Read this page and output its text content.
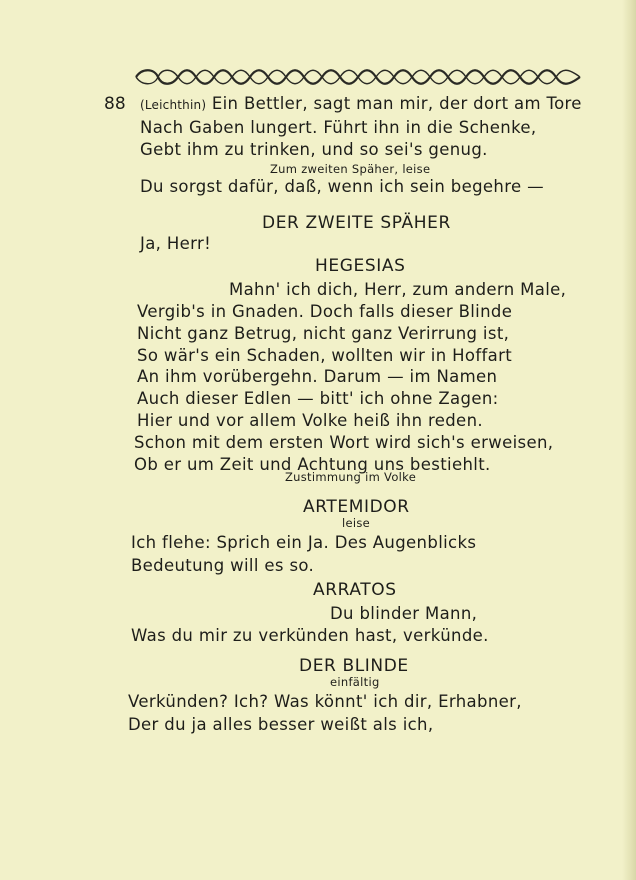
88 (Leichthin) Ein Bettler, sagt man mir, der dort am Tore
Nach Gaben lungert. Führt ihn in die Schenke,
Gebt ihm zu trinken, und so sei's genug.
Zum zweiten Späher, leise
Du sorgst dafür, daß, wenn ich sein begehre —
DER ZWEITE SPÄHER
Ja, Herr!
HEGESIAS
Mahn' ich dich, Herr, zum andern Male,
Vergib's in Gnaden. Doch falls dieser Blinde
Nicht ganz Betrug, nicht ganz Verirrung ist,
So wär's ein Schaden, wollten wir in Hoffart
An ihm vorübergehn. Darum — im Namen
Auch dieser Edlen — bitt' ich ohne Zagen:
Hier und vor allem Volke heiß ihn reden.
Schon mit dem ersten Wort wird sich's erweisen,
Ob er um Zeit und Achtung uns bestiehlt.
Zustimmung im Volke
ARTEMIDOR
leise
Ich flehe: Sprich ein Ja. Des Augenblicks
Bedeutung will es so.
ARRATOS
Du blinder Mann,
Was du mir zu verkünden hast, verkünde.
DER BLINDE
einfältig
Verkünden? Ich? Was könnt' ich dir, Erhabner,
Der du ja alles besser weißt als ich,
